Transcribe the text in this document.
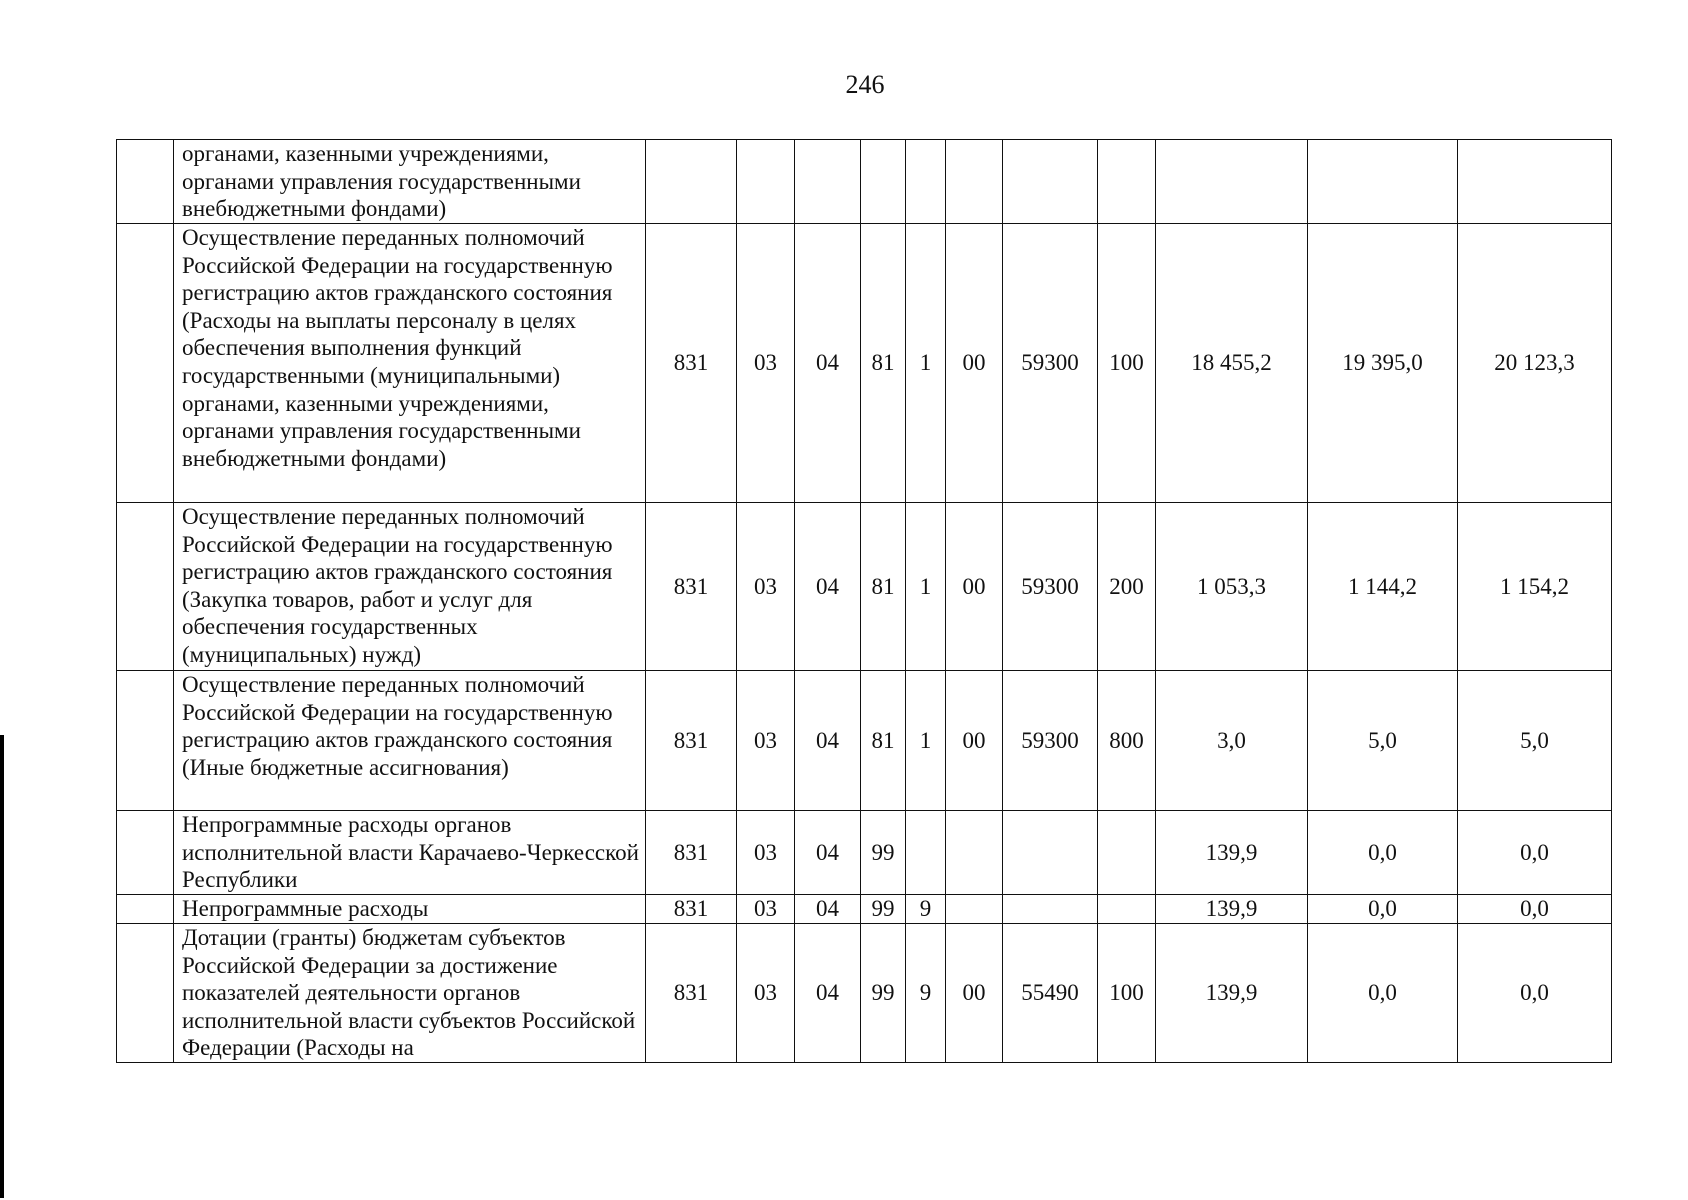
246
	органами, казенными учреждениями, органами управления государственными внебюджетными фондами)											
	Осуществление переданных полномочий Российской Федерации на государственную регистрацию актов гражданского состояния (Расходы на выплаты персоналу в целях обеспечения выполнения функций государственными (муниципальными) органами, казенными учреждениями, органами управления государственными внебюджетными фондами)	831	03	04	81	1	00	59300	100	18 455,2	19 395,0	20 123,3
	Осуществление переданных полномочий Российской Федерации на государственную регистрацию актов гражданского состояния (Закупка товаров, работ и услуг для обеспечения государственных (муниципальных) нужд)	831	03	04	81	1	00	59300	200	1 053,3	1 144,2	1 154,2
	Осуществление переданных полномочий Российской Федерации на государственную регистрацию актов гражданского состояния (Иные бюджетные ассигнования)	831	03	04	81	1	00	59300	800	3,0	5,0	5,0
	Непрограммные расходы органов исполнительной власти Карачаево-Черкесской Республики	831	03	04	99					139,9	0,0	0,0
	Непрограммные расходы	831	03	04	99	9				139,9	0,0	0,0
	Дотации (гранты) бюджетам субъектов Российской Федерации за достижение показателей деятельности органов исполнительной власти субъектов Российской Федерации (Расходы на	831	03	04	99	9	00	55490	100	139,9	0,0	0,0
